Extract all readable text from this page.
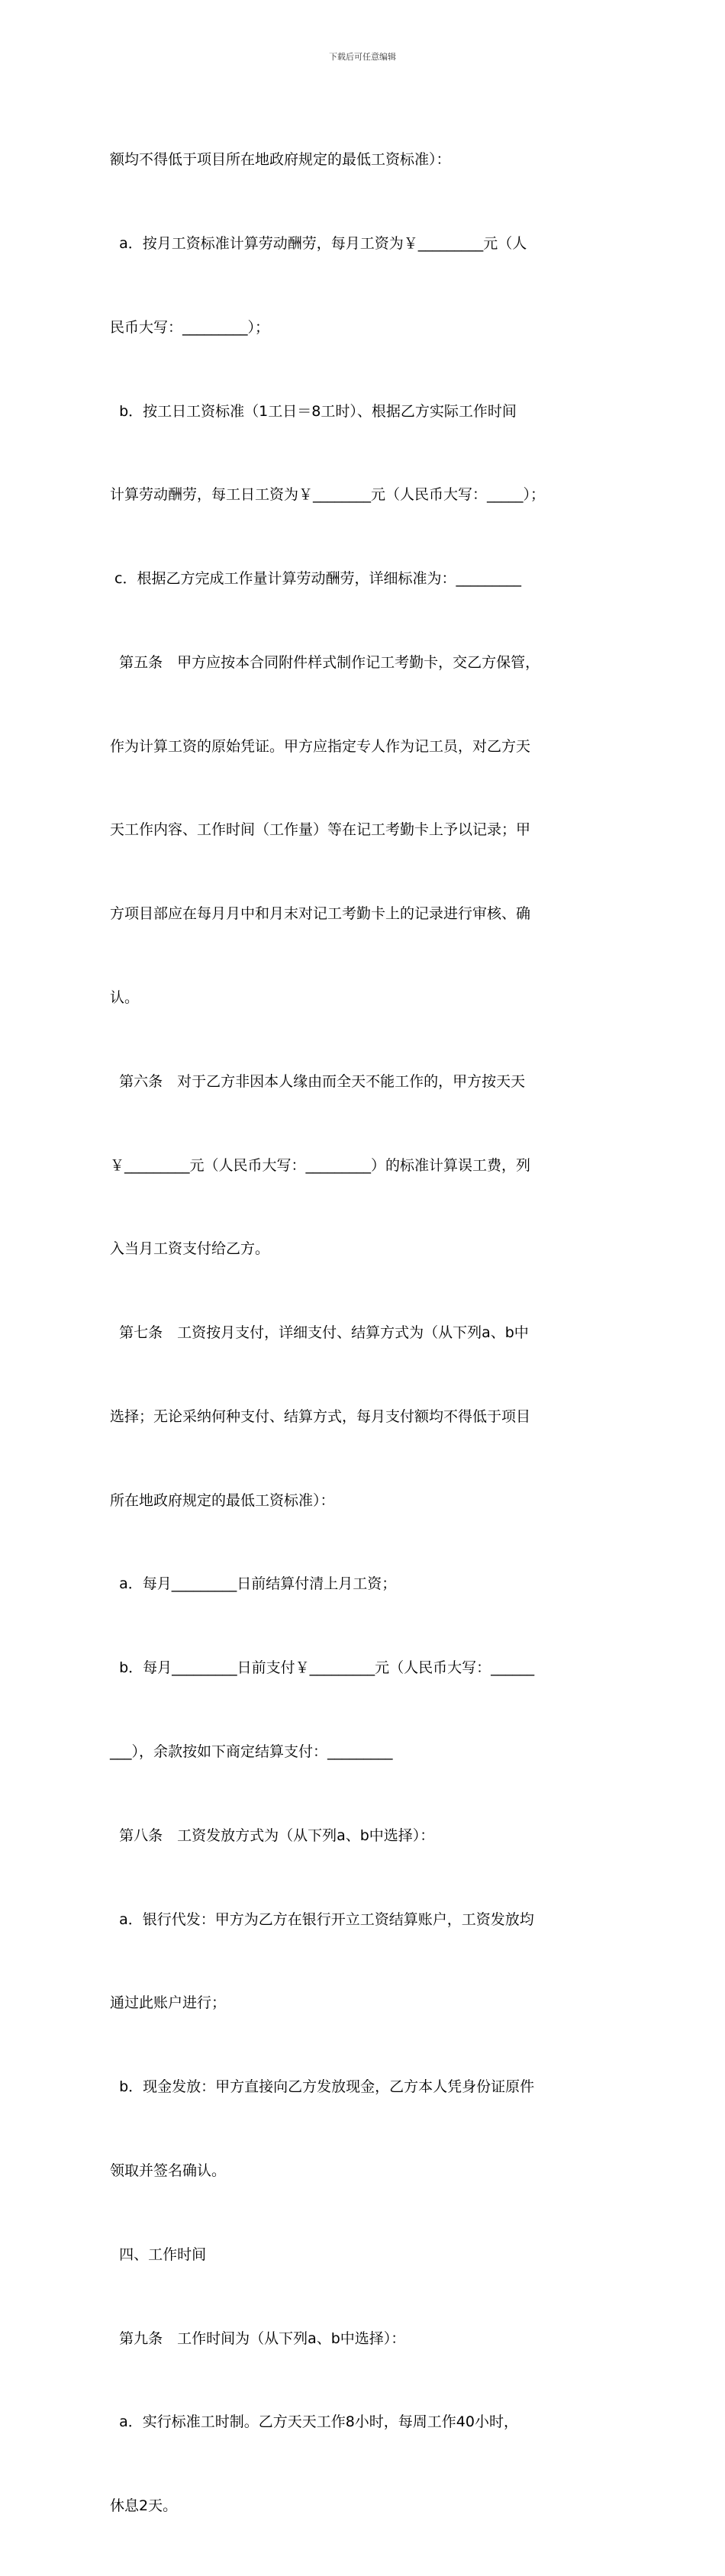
下载后可任意编辑

额均不得低于项目所在地政府规定的最低工资标准）：

a．按月工资标准计算劳动酬劳，每月工资为￥_________元（人

民币大写：_________）；

b．按工日工资标准（1工日＝8工时）、根据乙方实际工作时间

计算劳动酬劳，每工日工资为￥________元（人民币大写：_____）；

c．根据乙方完成工作量计算劳动酬劳，详细标准为：_________

第五条　甲方应按本合同附件样式制作记工考勤卡，交乙方保管，

作为计算工资的原始凭证。甲方应指定专人作为记工员，对乙方天

天工作内容、工作时间（工作量）等在记工考勤卡上予以记录；甲

方项目部应在每月月中和月末对记工考勤卡上的记录进行审核、确

认。

第六条　对于乙方非因本人缘由而全天不能工作的，甲方按天天

￥_________元（人民币大写：_________）的标准计算误工费，列

入当月工资支付给乙方。

第七条　工资按月支付，详细支付、结算方式为（从下列a、b中

选择；无论采纳何种支付、结算方式，每月支付额均不得低于项目

所在地政府规定的最低工资标准）：

a．每月_________日前结算付清上月工资；

b．每月_________日前支付￥_________元（人民币大写：______

___），余款按如下商定结算支付：_________

第八条　工资发放方式为（从下列a、b中选择）：

a．银行代发：甲方为乙方在银行开立工资结算账户，工资发放均

通过此账户进行；

b．现金发放：甲方直接向乙方发放现金，乙方本人凭身份证原件

领取并签名确认。

四、工作时间

第九条　工作时间为（从下列a、b中选择）：

a．实行标准工时制。乙方天天工作8小时，每周工作40小时，

休息2天。
